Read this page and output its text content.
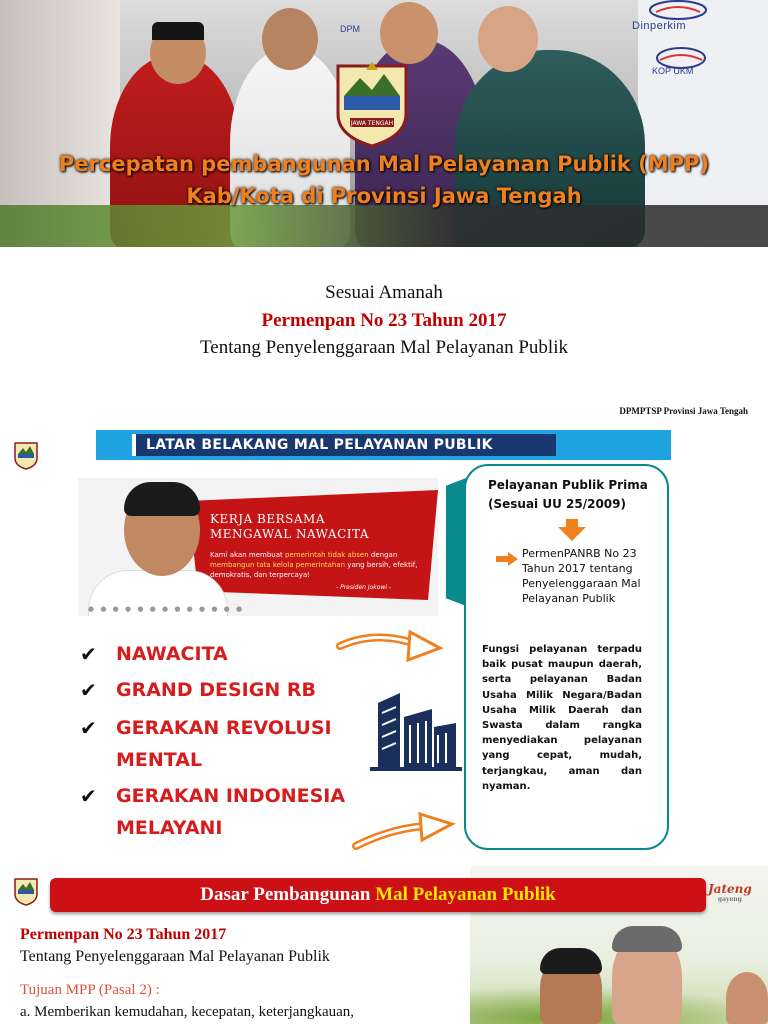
DPM	Dinperkim
KOP UKM
JAWA TENGAH
Percepatan pembangunan Mal Pelayanan Publik (MPP)
Kab/Kota di Provinsi Jawa Tengah
Sesuai Amanah
Permenpan No 23 Tahun 2017
Tentang Penyelenggaraan Mal Pelayanan Publik
DPMPTSP Provinsi Jawa Tengah
LATAR BELAKANG MAL PELAYANAN PUBLIK
KERJA BERSAMA
MENGAWAL NAWACITA
Kami akan membuat pemerintah tidak absen dengan membangun tata kelola pemerintahan yang bersih, efektif, demokratis, dan terpercaya!
- Presiden Jokowi -
● ● ● ● ● ● ● ● ● ● ● ● ●
✔ NAWACITA
✔ GRAND DESIGN RB
✔ GERAKAN REVOLUSI MENTAL
✔ GERAKAN INDONESIA MELAYANI
Pelayanan Publik Prima (Sesuai UU 25/2009)
PermenPANRB No 23 Tahun 2017 tentang Penyelenggaraan Mal Pelayanan Publik
Fungsi pelayanan terpadu baik pusat maupun daerah, serta pelayanan Badan Usaha Milik Negara/Badan Usaha Milik Daerah dan Swasta dalam rangka menyediakan pelayanan yang cepat, mudah, terjangkau, aman dan nyaman.
Dasar Pembangunan Mal Pelayanan Publik	Jateng
gayeng
Permenpan No 23 Tahun 2017
Tentang Penyelenggaraan Mal Pelayanan Publik
Tujuan MPP (Pasal 2) :
a. Memberikan kemudahan, kecepatan, keterjangkauan,
